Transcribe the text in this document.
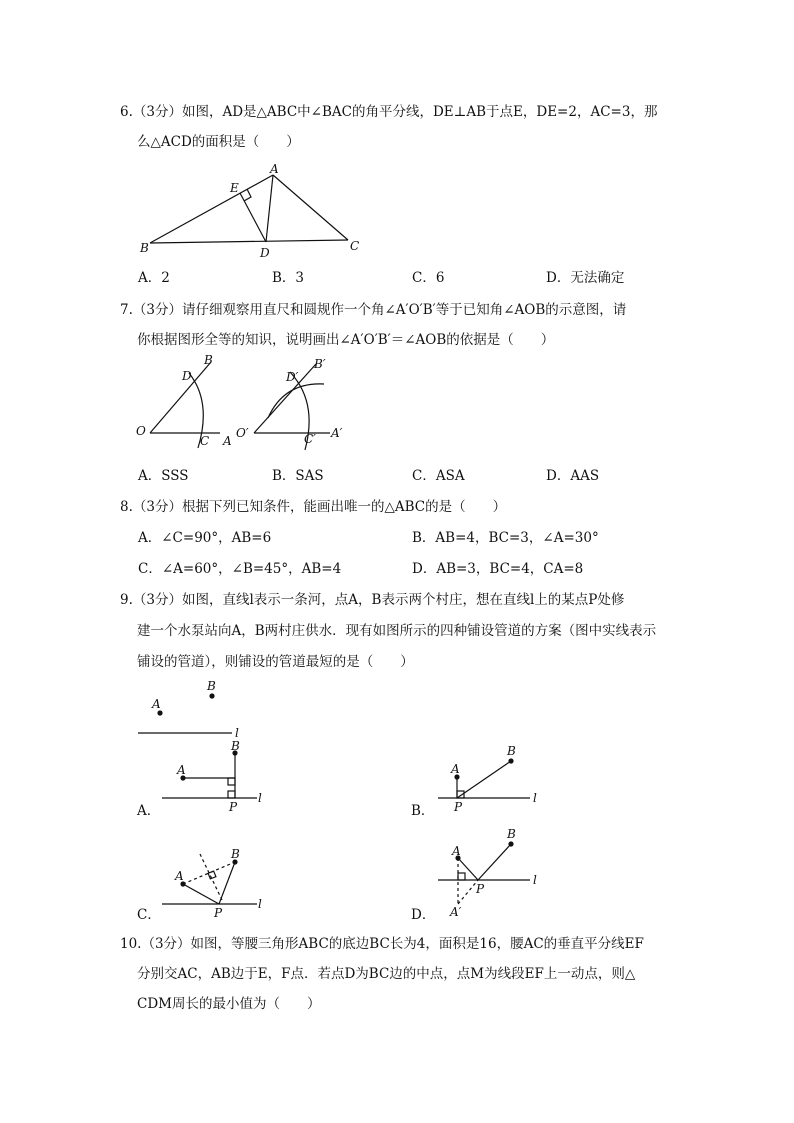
6.（3分）如图，AD是△ABC中∠BAC的角平分线，DE⊥AB于点E，DE=2，AC=3，那
么△ACD的面积是（　　）
A
E
B	D	C
A．2	B．3	C．6	D．无法确定
7.（3分）请仔细观察用直尺和圆规作一个角∠A′O′B′等于已知角∠AOB的示意图，请
你根据图形全等的知识，说明画出∠A′O′B′＝∠AOB的依据是（　　）
B
D
O
C A
B′
D′
O′	C′ A′
A．SSS	B．SAS	C．ASA	D．AAS
8.（3分）根据下列已知条件，能画出唯一的△ABC的是（　　）
A．∠C=90°，AB=6	B．AB=4，BC=3，∠A=30°
C．∠A=60°，∠B=45°，AB=4	D．AB=3，BC=4，CA=8
9.（3分）如图，直线l表示一条河，点A，B表示两个村庄，想在直线l上的某点P处修
建一个水泵站向A，B两村庄供水．现有如图所示的四种铺设管道的方案（图中实线表示
铺设的管道），则铺设的管道最短的是（　　）
A
B
l
A
B
P
l
A．
A
B
P
l
B．
A
B
P
l
C．
A
B
P
l
A′
D．
10.（3分）如图，等腰三角形ABC的底边BC长为4，面积是16，腰AC的垂直平分线EF
分别交AC，AB边于E，F点．若点D为BC边的中点，点M为线段EF上一动点，则△
CDM周长的最小值为（　　）
